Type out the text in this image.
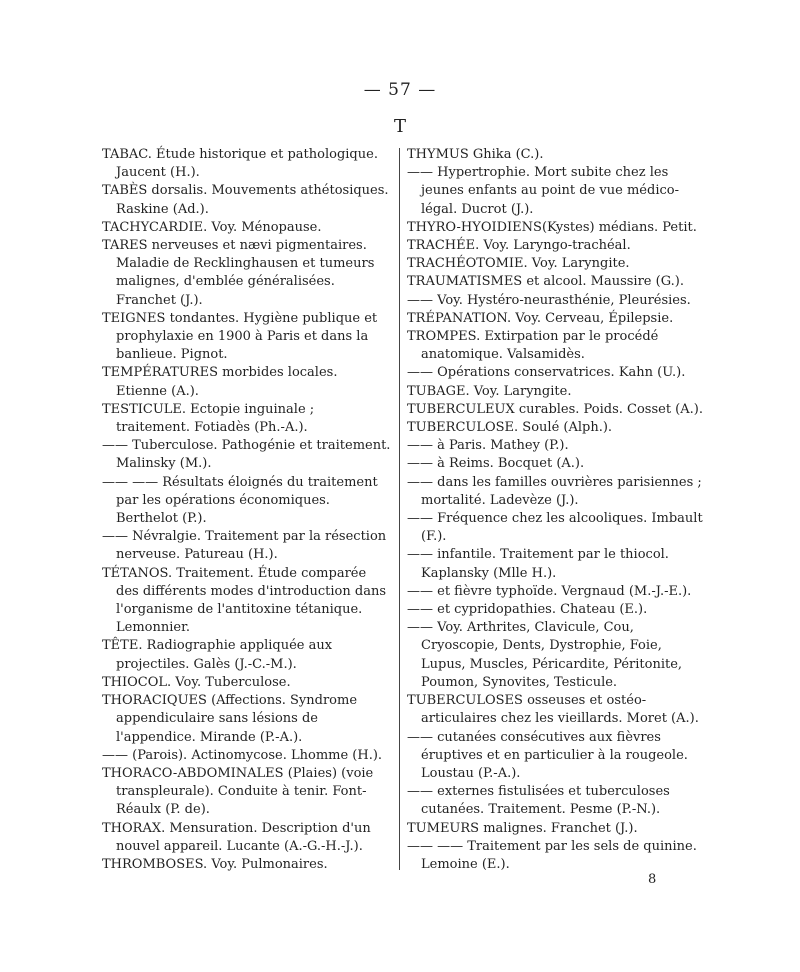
— 57 —
T

TABAC. Étude historique et pathologique. Jaucent (H.).

TABÈS dorsalis. Mouvements athétosiques. Raskine (Ad.).

TACHYCARDIE. Voy. Ménopause.

TARES nerveuses et nævi pigmentaires. Maladie de Recklinghausen et tumeurs malignes, d'emblée généralisées. Franchet (J.).

TEIGNES tondantes. Hygiène publique et prophylaxie en 1900 à Paris et dans la banlieue. Pignot.

TEMPÉRATURES morbides locales. Etienne (A.).

TESTICULE. Ectopie inguinale ; traitement. Fotiadès (Ph.-A.).

—— Tuberculose. Pathogénie et traitement. Malinsky (M.).

—— —— Résultats éloignés du traitement par les opérations économiques. Berthelot (P.).

—— Névralgie. Traitement par la résection nerveuse. Patureau (H.).

TÉTANOS. Traitement. Étude comparée des différents modes d'introduction dans l'organisme de l'antitoxine tétanique. Lemonnier.

TÊTE. Radiographie appliquée aux projectiles. Galès (J.-C.-M.).

THIOCOL. Voy. Tuberculose.

THORACIQUES (Affections. Syndrome appendiculaire sans lésions de l'appendice. Mirande (P.-A.).

—— (Parois). Actinomycose. Lhomme (H.).

THORACO-ABDOMINALES (Plaies) (voie transpleurale). Conduite à tenir. Font-Réaulx (P. de).

THORAX. Mensuration. Description d'un nouvel appareil. Lucante (A.-G.-H.-J.).

THROMBOSES. Voy. Pulmonaires.

THYMUS Ghika (C.).

—— Hypertrophie. Mort subite chez les jeunes enfants au point de vue médico-légal. Ducrot (J.).

THYRO-HYOIDIENS(Kystes) médians. Petit.

TRACHÉE. Voy. Laryngo-trachéal.

TRACHÉOTOMIE. Voy. Laryngite.

TRAUMATISMES et alcool. Maussire (G.).

—— Voy. Hystéro-neurasthénie, Pleurésies.

TRÉPANATION. Voy. Cerveau, Épilepsie.

TROMPES. Extirpation par le procédé anatomique. Valsamidès.

—— Opérations conservatrices. Kahn (U.).

TUBAGE. Voy. Laryngite.

TUBERCULEUX curables. Poids. Cosset (A.).

TUBERCULOSE. Soulé (Alph.).

—— à Paris. Mathey (P.).

—— à Reims. Bocquet (A.).

—— dans les familles ouvrières parisiennes ; mortalité. Ladevèze (J.).

—— Fréquence chez les alcooliques. Imbault (F.).

—— infantile. Traitement par le thiocol. Kaplansky (Mlle H.).

—— et fièvre typhoïde. Vergnaud (M.-J.-E.).

—— et cypridopathies. Chateau (E.).

—— Voy. Arthrites, Clavicule, Cou, Cryoscopie, Dents, Dystrophie, Foie, Lupus, Muscles, Péricardite, Péritonite, Poumon, Synovites, Testicule.

TUBERCULOSES osseuses et ostéo-articulaires chez les vieillards. Moret (A.).

—— cutanées consécutives aux fièvres éruptives et en particulier à la rougeole. Loustau (P.-A.).

—— externes fistulisées et tuberculoses cutanées. Traitement. Pesme (P.-N.).

TUMEURS malignes. Franchet (J.).

—— —— Traitement par les sels de quinine. Lemoine (E.).

8
